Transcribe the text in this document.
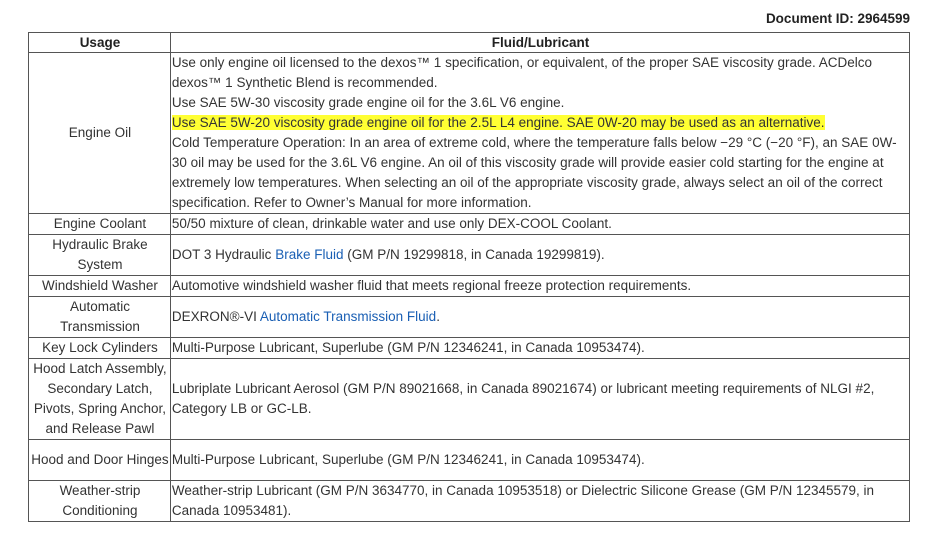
Document ID: 2964599
Usage	Fluid/Lubricant
Engine Oil	Use only engine oil licensed to the dexos™ 1 specification, or equivalent, of the proper SAE viscosity grade. ACDelco dexos™ 1 Synthetic Blend is recommended.

Use SAE 5W-30 viscosity grade engine oil for the 3.6L V6 engine.

Use SAE 5W-20 viscosity grade engine oil for the 2.5L L4 engine. SAE 0W-20 may be used as an alternative.

Cold Temperature Operation: In an area of extreme cold, where the temperature falls below −29 °C (−20 °F), an SAE 0W-30 oil may be used for the 3.6L V6 engine. An oil of this viscosity grade will provide easier cold starting for the engine at extremely low temperatures. When selecting an oil of the appropriate viscosity grade, always select an oil of the correct specification. Refer to Owner’s Manual for more information.

Engine Coolant	50/50 mixture of clean, drinkable water and use only DEX-COOL Coolant.
Hydraulic Brake System	DOT 3 Hydraulic Brake Fluid (GM P/N 19299818, in Canada 19299819).
Windshield Washer	Automotive windshield washer fluid that meets regional freeze protection requirements.
Automatic Transmission	DEXRON®-VI Automatic Transmission Fluid.
Key Lock Cylinders	Multi-Purpose Lubricant, Superlube (GM P/N 12346241, in Canada 10953474).
Hood Latch Assembly, Secondary Latch, Pivots, Spring Anchor, and Release Pawl	Lubriplate Lubricant Aerosol (GM P/N 89021668, in Canada 89021674) or lubricant meeting requirements of NLGI #2, Category LB or GC-LB.
Hood and Door Hinges	Multi-Purpose Lubricant, Superlube (GM P/N 12346241, in Canada 10953474).
Weather-strip Conditioning	Weather-strip Lubricant (GM P/N 3634770, in Canada 10953518) or Dielectric Silicone Grease (GM P/N 12345579, in Canada 10953481).
